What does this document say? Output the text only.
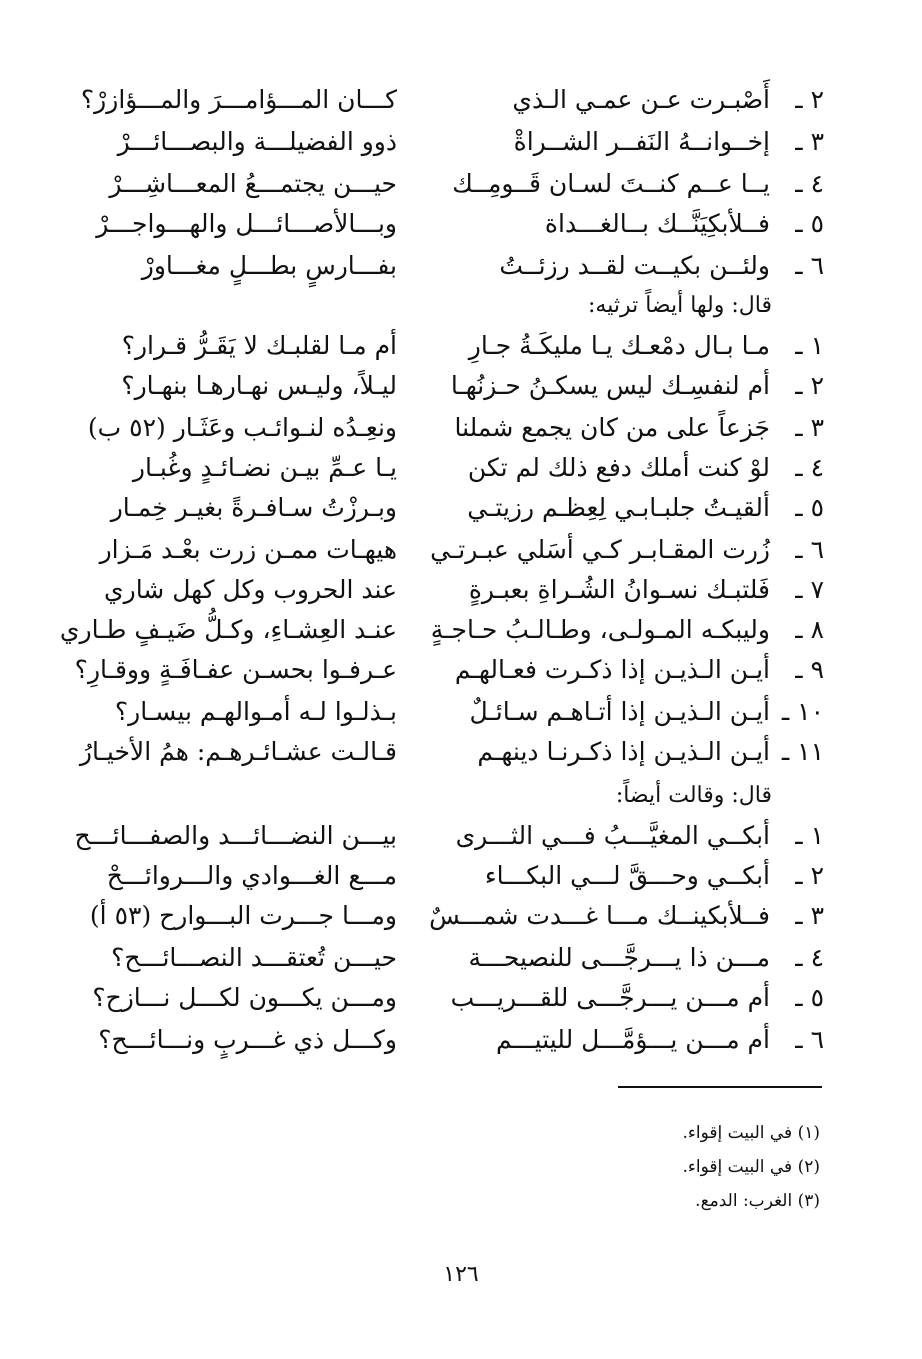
٢ ـأَصْبـرت عـن عمـي الـذي
٣ ـإخــوانــهُ النَفــر الشــراةْ
٤ ـيــا عــم كنــتَ لسـان قَــومِــك
٥ ـفــلأبكِيَنَّــك بــالغـــداة
٦ ـولئــن بكيــت لقــد رزئــتُ
قال: ولها أيضاً ترثيه:
١ ـمـا بـال دمْعـك يـا مليكَـةُ جـارِ
٢ ـأم لنفسِـك ليس يسكـنُ حـزنُهـا
٣ ـجَزعاً على من كان يجمع شملنا
٤ ـلوْ كنت أملك دفع ذلك لم تكن
٥ ـألقيـتُ جلبـابـي لِعِظـم رزيتـي
٦ ـزُرت المقـابـر كـي أسَلي عبـرتـي
٧ ـفَلتبـك نسـوانُ الشُـراةِ بعبـرةٍ
٨ ـوليبكـه المـولـى، وطـالـبُ حـاجـةٍ
٩ ـأيـن الـذيـن إذا ذكـرت فعـالهـم
١٠ ـأيـن الـذيـن إذا أتـاهـم سـائـلٌ
١١ ـأيـن الـذيـن إذا ذكـرنـا دينهـم
قال: وقالت أيضاً:
١ ـأبكــي المغيَّـــبُ فـــي الثـــرى
٢ ـأبكــي وحـــقَّ لـــي البكـــاء
٣ ـفــلأبكينــك مـــا غـــدت شمـــسٌ
٤ ـمـــن ذا يـــرجَّـــى للنصيحـــة
٥ ـأم مـــن يـــرجَّـــى للقـــريـــب
٦ ـأم مـــن يـــؤمَّـــل لليتيـــم
كـــان المـــؤامـــرَ والمـــؤازرْ؟
ذوو الفضيلـــة والبصـــائـــرْ
حيـــن يجتمـــعُ المعـــاشِـــرْ
وبـــالأصـــائـــل والهـــواجـــرْ
بفـــارسٍ بطـــلٍ مغـــاورْ
أم مـا لقلبـك لا يَقَـرُّ قـرار؟
ليـلاً، وليـس نهـارهـا بنهـار؟
ونعِـدُه لنـوائـب وعَثَـار (٥٢ ب)
يـا عـمِّ بيـن نضـائـدٍ وغُبـار
وبـرزْتُ سـافـرةً بغيـر خِمـار
هيهـات ممـن زرت بعْـد مَـزار
عند الحروب وكل كهل شاري
عنـد العِشـاءِ، وكـلُّ ضَيـفٍ طـاري
عـرفـوا بحسـن عفـافَـةٍ ووقـارِ؟
بـذلـوا لـه أمـوالهـم بيسـار؟
قـالـت عشـائـرهـم: همُ الأخيـارُ
بيـــن النضـــائـــد والصفـــائـــح
مـــع الغـــوادي والـــروائـــحْ
ومـــا جـــرت البـــوارح (٥٣ أ)
حيـــن تُعتقـــد النصـــائـــح؟
ومـــن يكـــون لكـــل نـــازح؟
وكـــل ذي غـــربٍ ونـــائـــح؟
(١) في البيت إقواء.
(٢) في البيت إقواء.
(٣) الغرب: الدمع.
١٢٦
